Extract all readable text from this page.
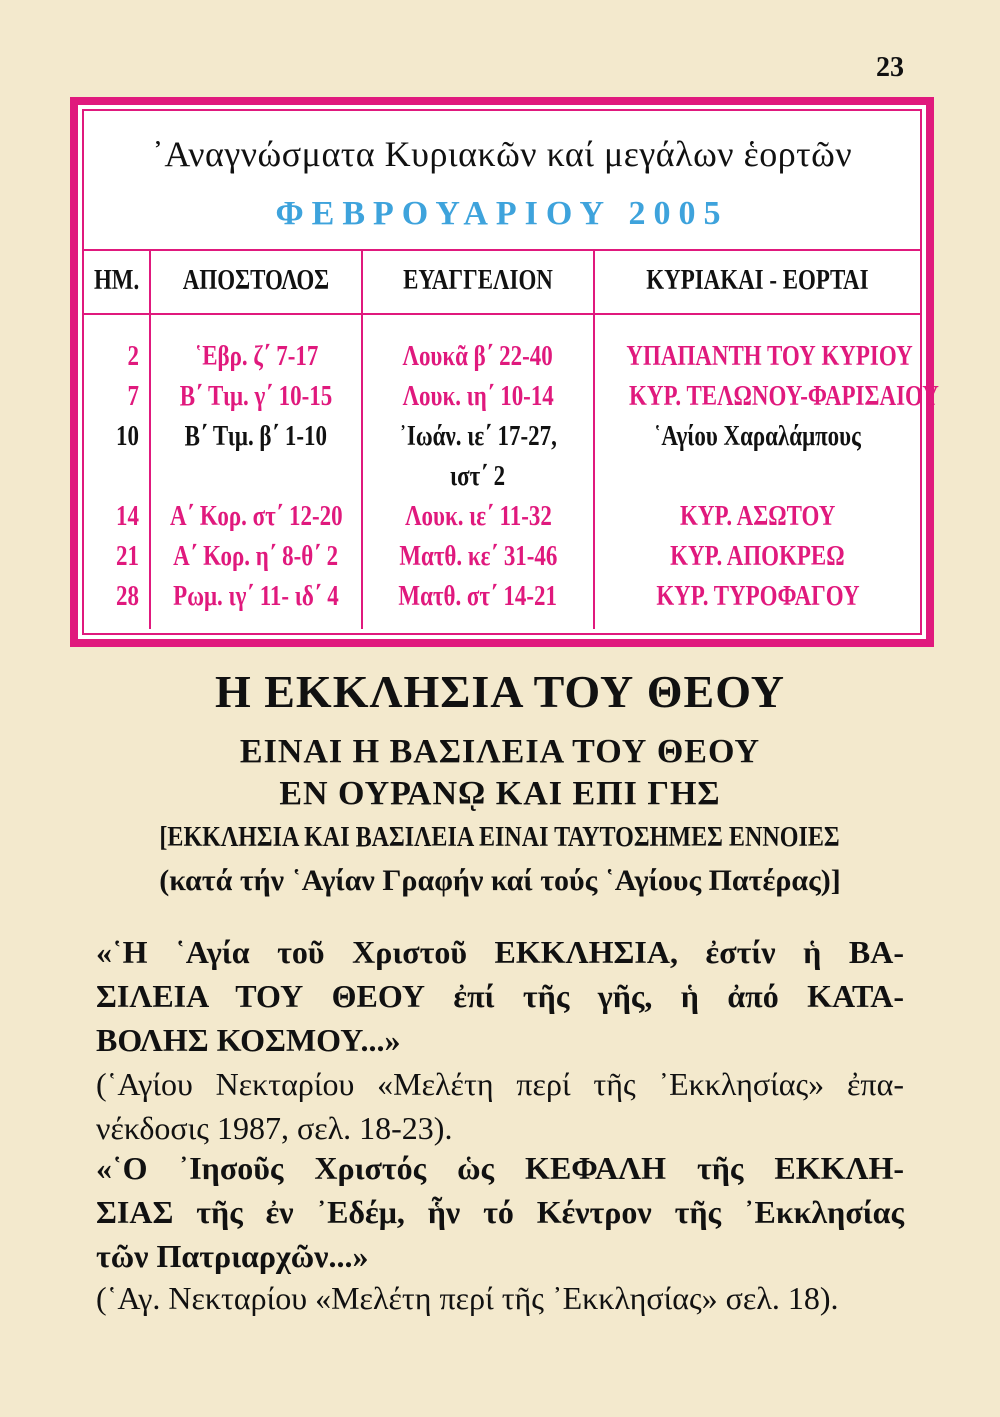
23
᾿Αναγνώσματα Κυριακῶν καί μεγάλων ἑορτῶν
ΦΕΒΡΟΥΑΡΙΟΥ 2005
ΗΜ.	ΑΠΟΣΤΟΛΟΣ	ΕΥΑΓΓΕΛΙΟΝ	ΚΥΡΙΑΚΑΙ - ΕΟΡΤΑΙ

2	῾Εβρ. ζ΄ 7-17	Λουκᾶ β΄ 22-40	ΥΠΑΠΑΝΤΗ ΤΟΥ ΚΥΡΙΟΥ
7	Β΄ Τιμ. γ΄ 10-15	Λουκ. ιη΄ 10-14	ΚΥΡ. ΤΕΛΩΝΟΥ-ΦΑΡΙΣΑΙΟΥ
10	Β΄ Τιμ. β΄ 1-10	᾿Ιωάν. ιε΄ 17-27,	῾Αγίου Χαραλάμπους
		ιστ΄ 2	
14	Α΄ Κορ. στ΄ 12-20	Λουκ. ιε΄ 11-32	ΚΥΡ. ΑΣΩΤΟΥ
21	Α΄ Κορ. η΄ 8-θ΄ 2	Ματθ. κε΄ 31-46	ΚΥΡ. ΑΠΟΚΡΕΩ
28	Ρωμ. ιγ΄ 11- ιδ΄ 4	Ματθ. στ΄ 14-21	ΚΥΡ. ΤΥΡΟΦΑΓΟΥ

Η ΕΚΚΛΗΣΙΑ ΤΟΥ ΘΕΟΥ
ΕΙΝΑΙ Η ΒΑΣΙΛΕΙΑ ΤΟΥ ΘΕΟΥ
ΕΝ ΟΥΡΑΝῼ ΚΑΙ ΕΠΙ ΓΗΣ
[ΕΚΚΛΗΣΙΑ ΚΑΙ ΒΑΣΙΛΕΙΑ ΕΙΝΑΙ ΤΑΥΤΟΣΗΜΕΣ ΕΝΝΟΙΕΣ
(κατά τήν ῾Αγίαν Γραφήν καί τούς ῾Αγίους Πατέρας)]
«῾Η ῾Αγία τοῦ Χριστοῦ ΕΚΚΛΗΣΙΑ, ἐστίν ἡ ΒΑ-
ΣΙΛΕΙΑ ΤΟΥ ΘΕΟΥ ἐπί τῆς γῆς, ἡ ἀπό ΚΑΤΑ-
ΒΟΛΗΣ ΚΟΣΜΟΥ...»
(῾Αγίου Νεκταρίου «Μελέτη περί τῆς ᾿Εκκλησίας» ἐπα-
νέκδοσις 1987, σελ. 18-23).
«῾Ο ᾿Ιησοῦς Χριστός ὡς ΚΕΦΑΛΗ τῆς ΕΚΚΛΗ-
ΣΙΑΣ τῆς ἐν ᾿Εδέμ, ἧν τό Κέντρον τῆς ᾿Εκκλησίας
τῶν Πατριαρχῶν...»
(῾Αγ. Νεκταρίου «Μελέτη περί τῆς ᾿Εκκλησίας» σελ. 18).
